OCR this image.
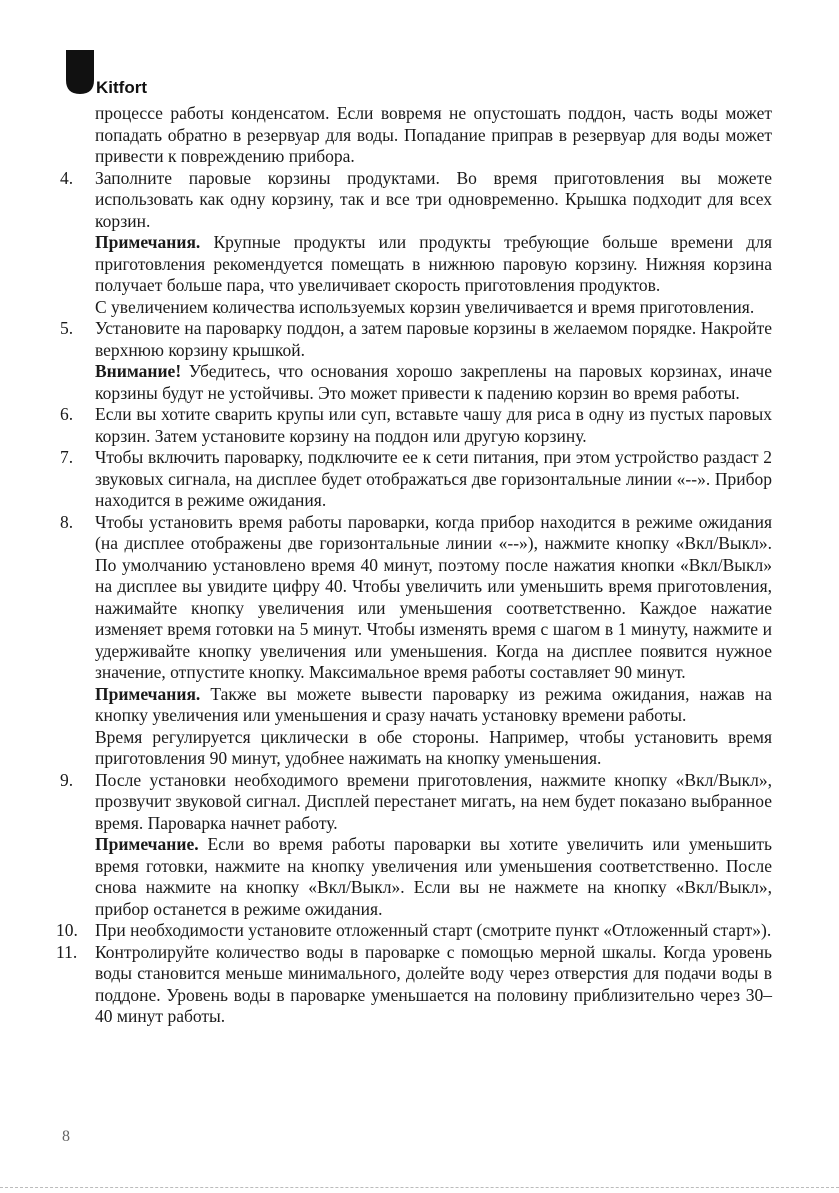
Kitfort

процессе работы конденсатом. Если вовремя не опустошать поддон, часть воды может попадать обратно в резервуар для воды. Попадание приправ в резервуар для воды может привести к повреждению прибора.

4.	Заполните паровые корзины продуктами. Во время приготовления вы можете использовать как одну корзину, так и все три одновременно. Крышка подходит для всех корзин.

Примечания. Крупные продукты или продукты требующие больше времени для приготовления рекомендуется помещать в нижнюю паровую корзину. Нижняя корзина получает больше пара, что увеличивает скорость приготовления продуктов.

С увеличением количества используемых корзин увеличивается и время приготовления.

5.	Установите на пароварку поддон, а затем паровые корзины в желаемом порядке. Накройте верхнюю корзину крышкой.

Внимание! Убедитесь, что основания хорошо закреплены на паровых корзинах, иначе корзины будут не устойчивы. Это может привести к падению корзин во время работы.

6.	Если вы хотите сварить крупы или суп, вставьте чашу для риса в одну из пустых паровых корзин. Затем установите корзину на поддон или другую корзину.

7.	Чтобы включить пароварку, подключите ее к сети питания, при этом устройство раздаст 2 звуковых сигнала, на дисплее будет отображаться две горизонтальные линии «--». Прибор находится в режиме ожидания.

8.	Чтобы установить время работы пароварки, когда прибор находится в режиме ожидания (на дисплее отображены две горизонтальные линии «--»), нажмите кнопку «Вкл/Выкл». По умолчанию установлено время 40 минут, поэтому после нажатия кнопки «Вкл/Выкл» на дисплее вы увидите цифру 40. Чтобы увеличить или уменьшить время приготовления, нажимайте кнопку увеличения или уменьшения соответственно. Каждое нажатие изменяет время готовки на 5 минут. Чтобы изменять время с шагом в 1 минуту, нажмите и удерживайте кнопку увеличения или уменьшения. Когда на дисплее появится нужное значение, отпустите кнопку. Максимальное время работы составляет 90 минут.

Примечания. Также вы можете вывести пароварку из режима ожидания, нажав на кнопку увеличения или уменьшения и сразу начать установку времени работы.

Время регулируется циклически в обе стороны. Например, чтобы установить время приготовления 90 минут, удобнее нажимать на кнопку уменьшения.

9.	После установки необходимого времени приготовления, нажмите кнопку «Вкл/Выкл», прозвучит звуковой сигнал. Дисплей перестанет мигать, на нем будет показано выбранное время. Пароварка начнет работу.

Примечание. Если во время работы пароварки вы хотите увеличить или уменьшить время готовки, нажмите на кнопку увеличения или уменьшения соответственно. После снова нажмите на кнопку «Вкл/Выкл». Если вы не нажмете на кнопку «Вкл/Выкл», прибор останется в режиме ожидания.

10. При необходимости установите отложенный старт (смотрите пункт «Отложенный старт»).

11.	Контролируйте количество воды в пароварке с помощью мерной шкалы. Когда уровень воды становится меньше минимального, долейте воду через отверстия для подачи воды в поддоне. Уровень воды в пароварке уменьшается на половину приблизительно через 30–40 минут работы.

8
